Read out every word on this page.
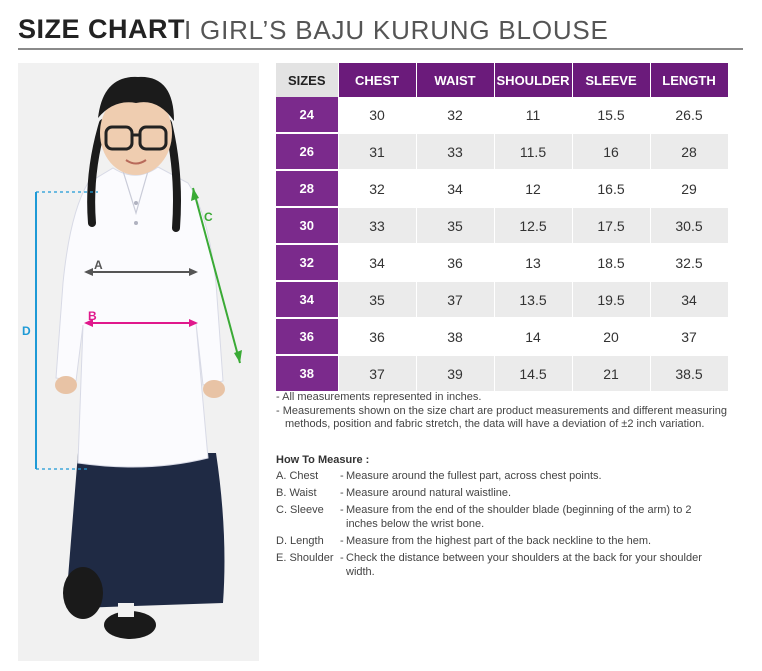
SIZE CHART I GIRL’S BAJU KURUNG BLOUSE
A
B
C
D
SIZES	CHEST	WAIST	SHOULDER	SLEEVE	LENGTH
24	30	32	11	15.5	26.5
26	31	33	11.5	16	28
28	32	34	12	16.5	29
30	33	35	12.5	17.5	30.5
32	34	36	13	18.5	32.5
34	35	37	13.5	19.5	34
36	36	38	14	20	37
38	37	39	14.5	21	38.5
- All measurements represented in inches.
- Measurements shown on the size chart are product measurements and different measuring methods, position and fabric stretch, the data will have a deviation of ±2 inch variation.
How To Measure :
A. Chest	- Measure around the fullest part, across chest points.
B. Waist	- Measure around natural waistline.
C. Sleeve	- Measure from the end of the shoulder blade (beginning of the arm) to 2 inches below the wrist bone.
D. Length	- Measure from the highest part of the back neckline to the hem.
E. Shoulder - Check the distance between your shoulders at the back for your shoulder width.
